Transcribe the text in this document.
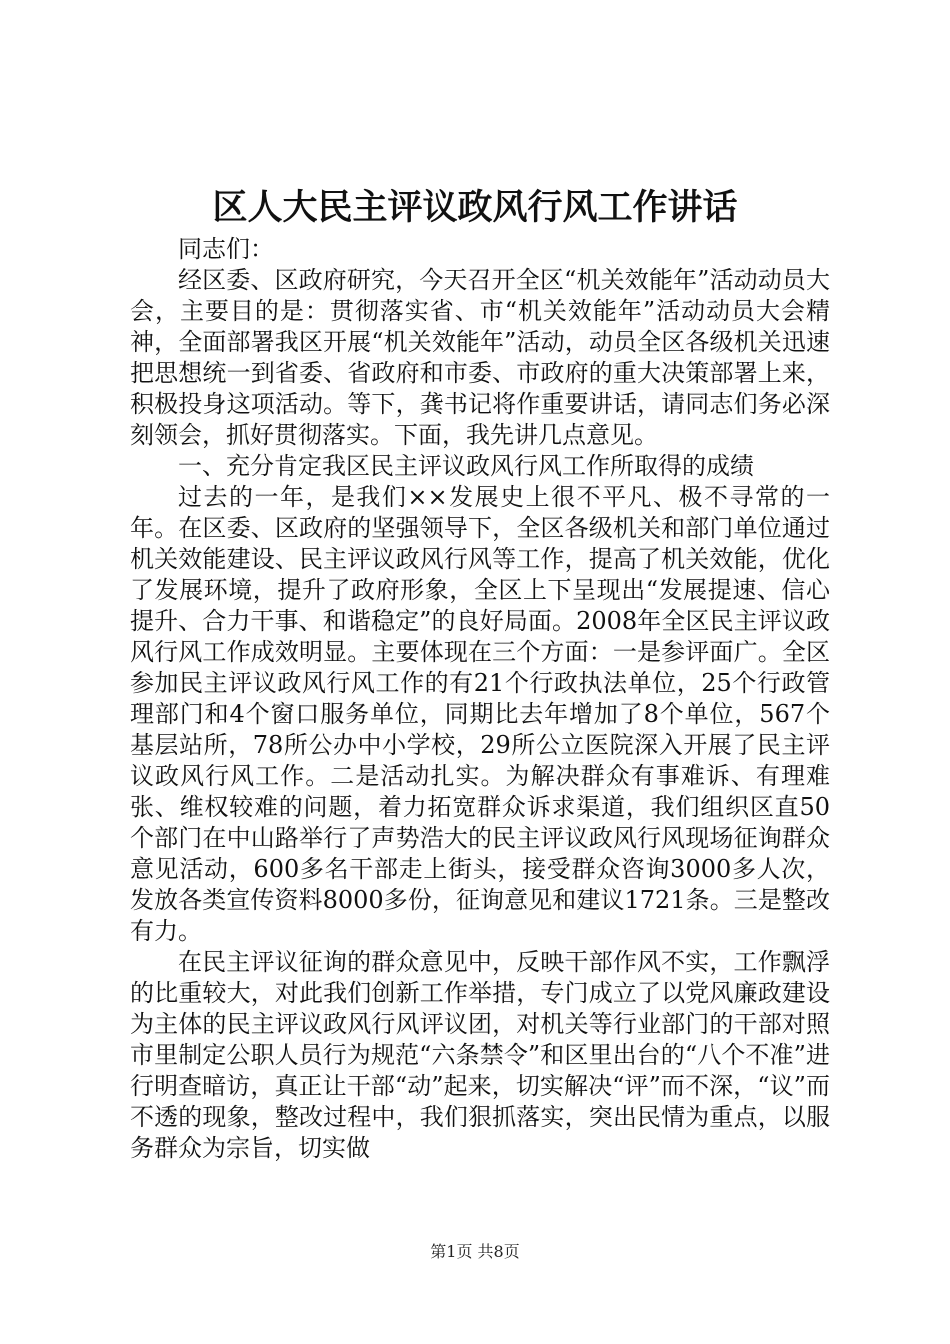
区人大民主评议政风行风工作讲话

同志们：

经区委、区政府研究，今天召开全区“机关效能年”活动动员大会，主要目的是：贯彻落实省、市“机关效能年”活动动员大会精神，全面部署我区开展“机关效能年”活动，动员全区各级机关迅速把思想统一到省委、省政府和市委、市政府的重大决策部署上来，积极投身这项活动。等下，龚书记将作重要讲话，请同志们务必深刻领会，抓好贯彻落实。下面，我先讲几点意见。

一、充分肯定我区民主评议政风行风工作所取得的成绩

过去的一年，是我们××发展史上很不平凡、极不寻常的一年。在区委、区政府的坚强领导下，全区各级机关和部门单位通过机关效能建设、民主评议政风行风等工作，提高了机关效能，优化了发展环境，提升了政府形象，全区上下呈现出“发展提速、信心提升、合力干事、和谐稳定”的良好局面。2008年全区民主评议政风行风工作成效明显。主要体现在三个方面：一是参评面广。全区参加民主评议政风行风工作的有21个行政执法单位，25个行政管理部门和4个窗口服务单位，同期比去年增加了8个单位，567个基层站所，78所公办中小学校，29所公立医院深入开展了民主评议政风行风工作。二是活动扎实。为解决群众有事难诉、有理难张、维权较难的问题，着力拓宽群众诉求渠道，我们组织区直50个部门在中山路举行了声势浩大的民主评议政风行风现场征询群众意见活动，600多名干部走上街头，接受群众咨询3000多人次，发放各类宣传资料8000多份，征询意见和建议1721条。三是整改有力。

在民主评议征询的群众意见中，反映干部作风不实，工作飘浮的比重较大，对此我们创新工作举措，专门成立了以党风廉政建设为主体的民主评议政风行风评议团，对机关等行业部门的干部对照市里制定公职人员行为规范“六条禁令”和区里出台的“八个不准”进行明查暗访，真正让干部“动”起来，切实解决“评”而不深，“议”而不透的现象，整改过程中，我们狠抓落实，突出民情为重点，以服务群众为宗旨，切实做

第1页 共8页
